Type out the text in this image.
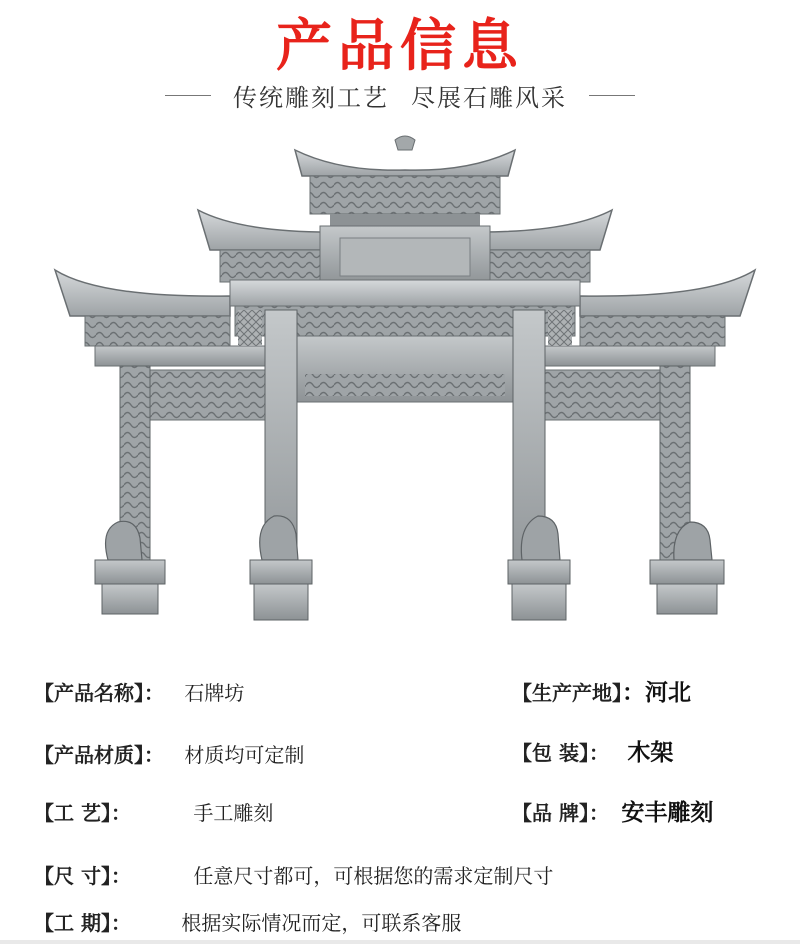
产品信息
传统雕刻工艺 尽展石雕风采
【产品名称】： 石牌坊	【生产产地】：河北
【产品材质】： 材质均可定制	【包 装】： 木架
【工 艺】：	手工雕刻	【品 牌】： 安丰雕刻
【尺 寸】：	任意尺寸都可，可根据您的需求定制尺寸
【工 期】：	根据实际情况而定，可联系客服
